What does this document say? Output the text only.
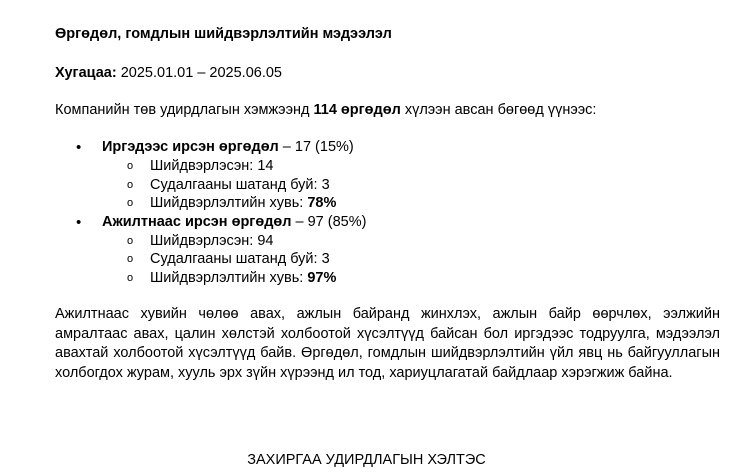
Өргөдөл, гомдлын шийдвэрлэлтийн мэдээлэл

Хугацаа: 2025.01.01 – 2025.06.05

Компанийн төв удирдлагын хэмжээнд 114 өргөдөл хүлээн авсан бөгөөд үүнээс:

• Иргэдээс ирсэн өргөдөл – 17 (15%)
o Шийдвэрлэсэн: 14
o Судалгааны шатанд буй: 3
o Шийдвэрлэлтийн хувь: 78%
• Ажилтнаас ирсэн өргөдөл – 97 (85%)
o Шийдвэрлэсэн: 94
o Судалгааны шатанд буй: 3
o Шийдвэрлэлтийн хувь: 97%

Ажилтнаас хувийн чөлөө авах, ажлын байранд жинхлэх, ажлын байр өөрчлөх, ээлжийн амралтаас авах, цалин хөлстэй холбоотой хүсэлтүүд байсан бол иргэдээс тодруулга, мэдээлэл авахтай холбоотой хүсэлтүүд байв. Өргөдөл, гомдлын шийдвэрлэлтийн үйл явц нь байгууллагын холбогдох журам, хууль эрх зүйн хүрээнд ил тод, хариуцлагатай байдлаар хэрэгжиж байна.

ЗАХИРГАА УДИРДЛАГЫН ХЭЛТЭС
